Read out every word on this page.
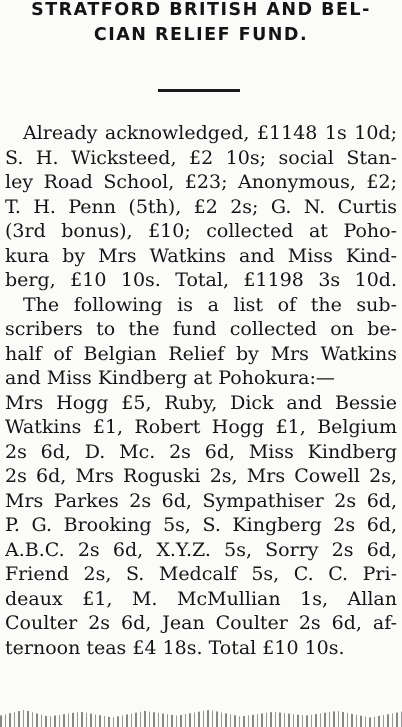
STRATFORD BRITISH AND BEL-
CIAN RELIEF FUND.
Already acknowledged, £1148 1s 10d;
S. H. Wicksteed, £2 10s; social Stan-
ley Road School, £23; Anonymous, £2;
T. H. Penn (5th), £2 2s; G. N. Curtis
(3rd bonus), £10; collected at Poho-
kura by Mrs Watkins and Miss Kind-
berg, £10 10s. Total, £1198 3s 10d.
The following is a list of the sub-
scribers to the fund collected on be-
half of Belgian Relief by Mrs Watkins
and Miss Kindberg at Pohokura:—
Mrs Hogg £5, Ruby, Dick and Bessie
Watkins £1, Robert Hogg £1, Belgium
2s 6d, D. Mc. 2s 6d, Miss Kindberg
2s 6d, Mrs Roguski 2s, Mrs Cowell 2s,
Mrs Parkes 2s 6d, Sympathiser 2s 6d,
P. G. Brooking 5s, S. Kingberg 2s 6d,
A.B.C. 2s 6d, X.Y.Z. 5s, Sorry 2s 6d,
Friend 2s, S. Medcalf 5s, C. C. Pri-
deaux £1, M. McMullian 1s, Allan
Coulter 2s 6d, Jean Coulter 2s 6d, af-
ternoon teas £4 18s. Total £10 10s.
